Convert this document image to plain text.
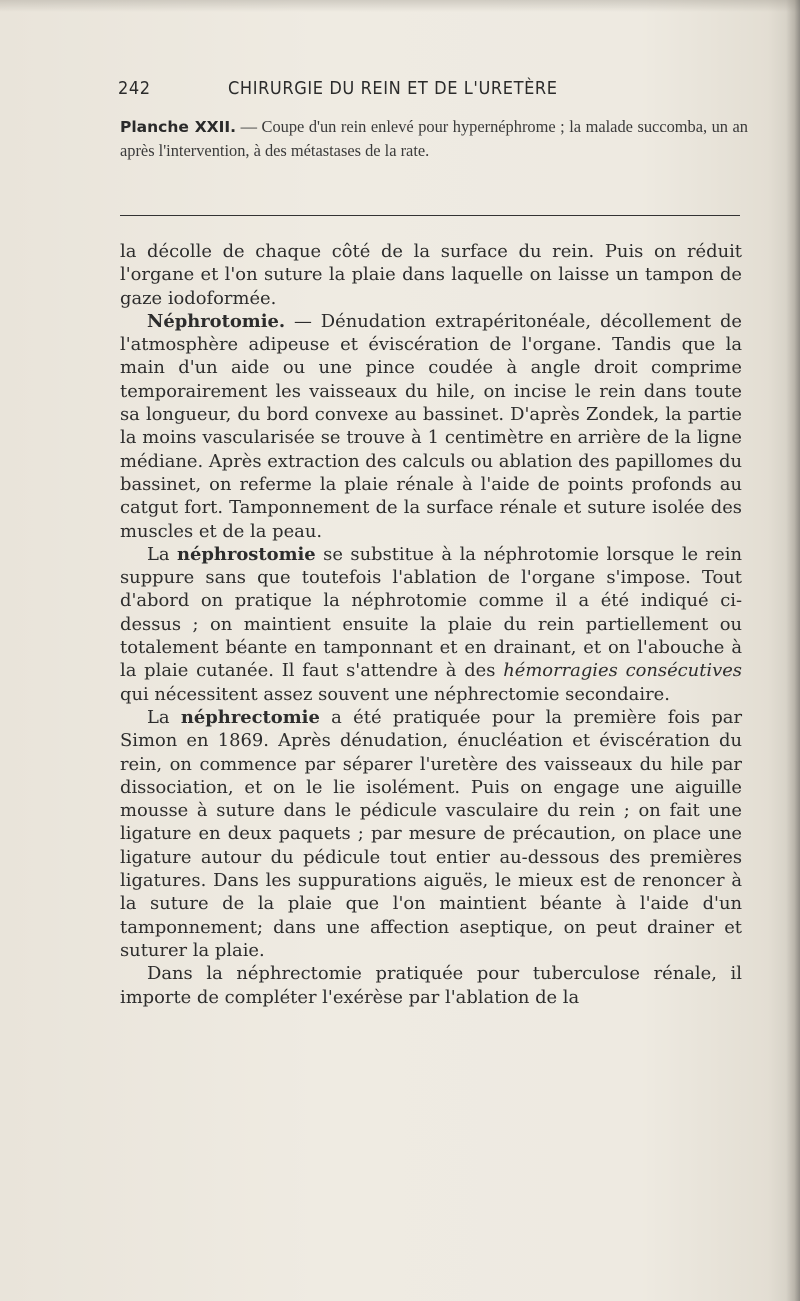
242	CHIRURGIE DU REIN ET DE L'URETÈRE
Planche XXII. — Coupe d'un rein enlevé pour hypernéphrome ; la malade succomba, un an après l'intervention, à des métastases de la rate.

la décolle de chaque côté de la surface du rein. Puis on réduit l'organe et l'on suture la plaie dans laquelle on laisse un tampon de gaze iodoformée.

Néphrotomie. — Dénudation extrapéritonéale, décollement de l'atmosphère adipeuse et éviscération de l'organe. Tandis que la main d'un aide ou une pince coudée à angle droit comprime temporairement les vaisseaux du hile, on incise le rein dans toute sa longueur, du bord convexe au bassinet. D'après Zondek, la partie la moins vascularisée se trouve à 1 centimètre en arrière de la ligne médiane. Après extraction des calculs ou ablation des papillomes du bassinet, on referme la plaie rénale à l'aide de points profonds au catgut fort. Tamponnement de la surface rénale et suture isolée des muscles et de la peau.

La néphrostomie se substitue à la néphrotomie lorsque le rein suppure sans que toutefois l'ablation de l'organe s'impose. Tout d'abord on pratique la néphrotomie comme il a été indiqué ci-dessus ; on maintient ensuite la plaie du rein partiellement ou totalement béante en tamponnant et en drainant, et on l'abouche à la plaie cutanée. Il faut s'attendre à des hémorragies consécutives qui nécessitent assez souvent une néphrectomie secondaire.

La néphrectomie a été pratiquée pour la première fois par Simon en 1869. Après dénudation, énucléation et éviscération du rein, on commence par séparer l'uretère des vaisseaux du hile par dissociation, et on le lie isolément. Puis on engage une aiguille mousse à suture dans le pédicule vasculaire du rein ; on fait une ligature en deux paquets ; par mesure de précaution, on place une ligature autour du pédicule tout entier au-dessous des premières ligatures. Dans les suppurations aiguës, le mieux est de renoncer à la suture de la plaie que l'on maintient béante à l'aide d'un tamponnement; dans une affection aseptique, on peut drainer et suturer la plaie.

Dans la néphrectomie pratiquée pour tuberculose rénale, il importe de compléter l'exérèse par l'ablation de la
